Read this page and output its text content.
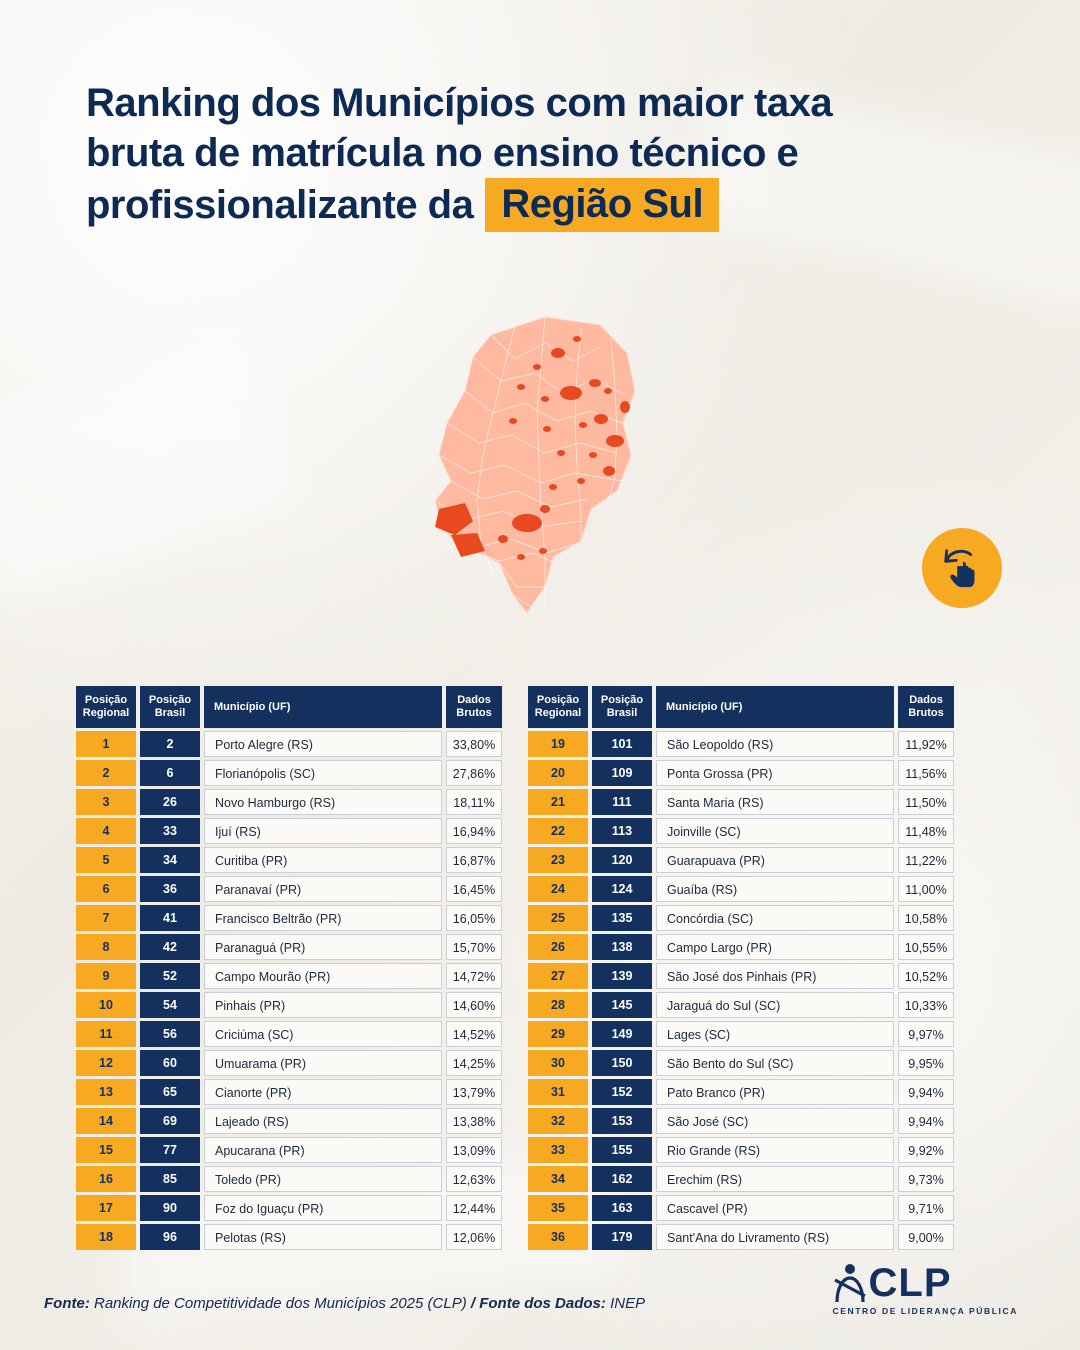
Ranking dos Municípios com maior taxa
bruta de matrícula no ensino técnico e
profissionalizante da Região Sul
Posição
Regional	Posição
Brasil	Município (UF)	Dados
Brutos

1	2	Porto Alegre (RS)	33,80%

2	6	Florianópolis (SC)	27,86%

3	26	Novo Hamburgo (RS)	18,11%

4	33	Ijuí (RS)	16,94%

5	34	Curitiba (PR)	16,87%

6	36	Paranavaí (PR)	16,45%

7	41	Francisco Beltrão (PR)	16,05%

8	42	Paranaguá (PR)	15,70%

9	52	Campo Mourão (PR)	14,72%

10	54	Pinhais (PR)	14,60%

11	56	Criciúma (SC)	14,52%

12	60	Umuarama (PR)	14,25%

13	65	Cianorte (PR)	13,79%

14	69	Lajeado (RS)	13,38%

15	77	Apucarana (PR)	13,09%

16	85	Toledo (PR)	12,63%

17	90	Foz do Iguaçu (PR)	12,44%

18	96	Pelotas (RS)	12,06%
Posição
Regional	Posição
Brasil	Município (UF)	Dados
Brutos

19	101	São Leopoldo (RS)	11,92%

20	109	Ponta Grossa (PR)	11,56%

21	111	Santa Maria (RS)	11,50%

22	113	Joinville (SC)	11,48%

23	120	Guarapuava (PR)	11,22%

24	124	Guaíba (RS)	11,00%

25	135	Concórdia (SC)	10,58%

26	138	Campo Largo (PR)	10,55%

27	139	São José dos Pinhais (PR)	10,52%

28	145	Jaraguá do Sul (SC)	10,33%

29	149	Lages (SC)	9,97%

30	150	São Bento do Sul (SC)	9,95%

31	152	Pato Branco (PR)	9,94%

32	153	São José (SC)	9,94%

33	155	Rio Grande (RS)	9,92%

34	162	Erechim (RS)	9,73%

35	163	Cascavel (PR)	9,71%

36	179	Sant'Ana do Livramento (RS)	9,00%
Fonte: Ranking de Competitividade dos Municípios 2025 (CLP) / Fonte dos Dados: INEP	CLP
CENTRO DE LIDERANÇA PÚBLICA
